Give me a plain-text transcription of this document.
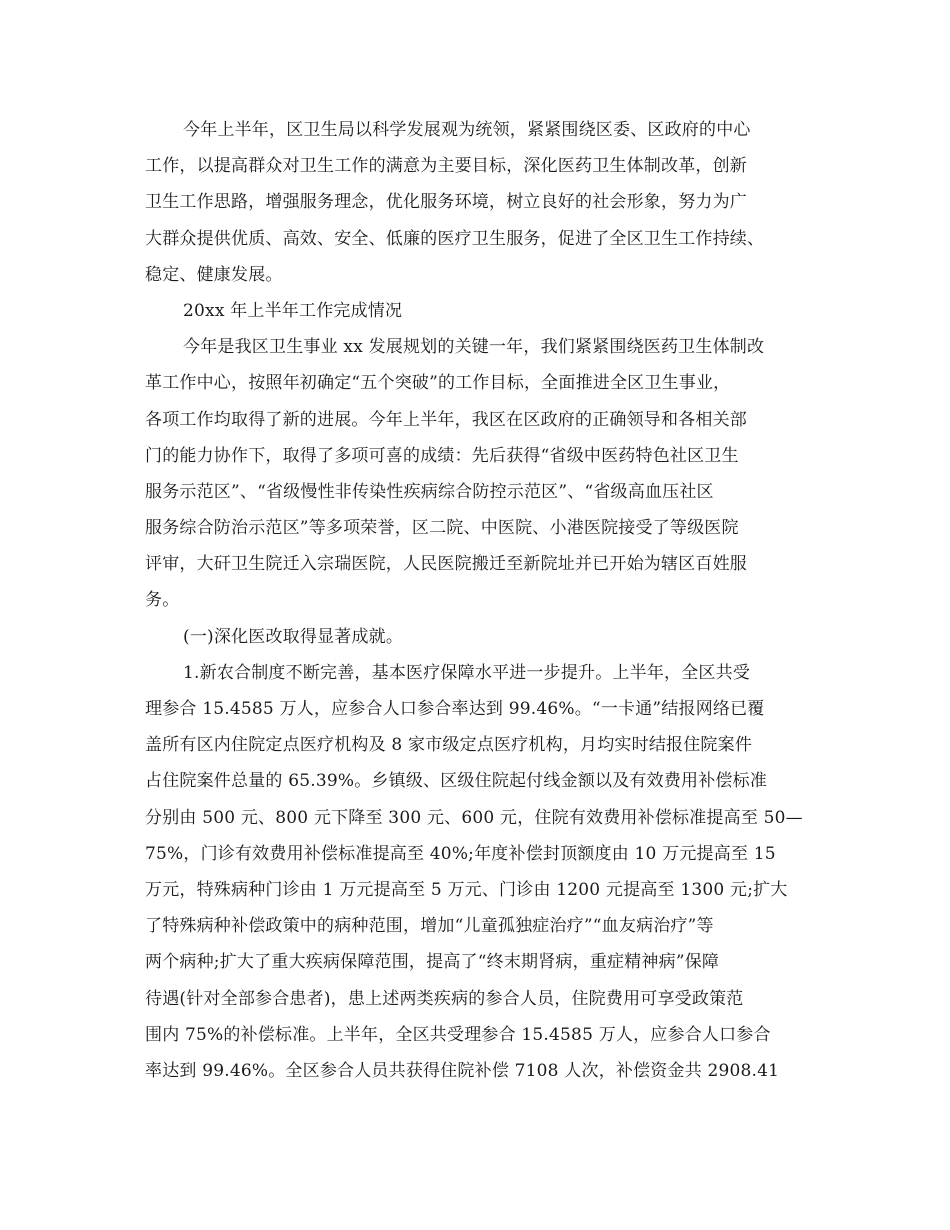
今年上半年，区卫生局以科学发展观为统领，紧紧围绕区委、区政府的中心
工作，以提高群众对卫生工作的满意为主要目标，深化医药卫生体制改革，创新
卫生工作思路，增强服务理念，优化服务环境，树立良好的社会形象，努力为广
大群众提供优质、高效、安全、低廉的医疗卫生服务，促进了全区卫生工作持续、
稳定、健康发展。
20xx 年上半年工作完成情况
今年是我区卫生事业 xx 发展规划的关键一年，我们紧紧围绕医药卫生体制改
革工作中心，按照年初确定“五个突破”的工作目标，全面推进全区卫生事业，
各项工作均取得了新的进展。今年上半年，我区在区政府的正确领导和各相关部
门的能力协作下，取得了多项可喜的成绩：先后获得“省级中医药特色社区卫生
服务示范区”、“省级慢性非传染性疾病综合防控示范区”、“省级高血压社区
服务综合防治示范区”等多项荣誉，区二院、中医院、小港医院接受了等级医院
评审，大矸卫生院迁入宗瑞医院，人民医院搬迁至新院址并已开始为辖区百姓服
务。
(一)深化医改取得显著成就。
1.新农合制度不断完善，基本医疗保障水平进一步提升。上半年，全区共受
理参合 15.4585 万人，应参合人口参合率达到 99.46%。“一卡通”结报网络已覆
盖所有区内住院定点医疗机构及 8 家市级定点医疗机构，月均实时结报住院案件
占住院案件总量的 65.39%。乡镇级、区级住院起付线金额以及有效费用补偿标准
分别由 500 元、800 元下降至 300 元、600 元，住院有效费用补偿标准提高至 50—
75%，门诊有效费用补偿标准提高至 40%;年度补偿封顶额度由 10 万元提高至 15
万元，特殊病种门诊由 1 万元提高至 5 万元、门诊由 1200 元提高至 1300 元;扩大
了特殊病种补偿政策中的病种范围，增加“儿童孤独症治疗”“血友病治疗”等
两个病种;扩大了重大疾病保障范围，提高了“终末期肾病，重症精神病”保障
待遇(针对全部参合患者)，患上述两类疾病的参合人员，住院费用可享受政策范
围内 75%的补偿标准。上半年，全区共受理参合 15.4585 万人，应参合人口参合
率达到 99.46%。全区参合人员共获得住院补偿 7108 人次，补偿资金共 2908.41
